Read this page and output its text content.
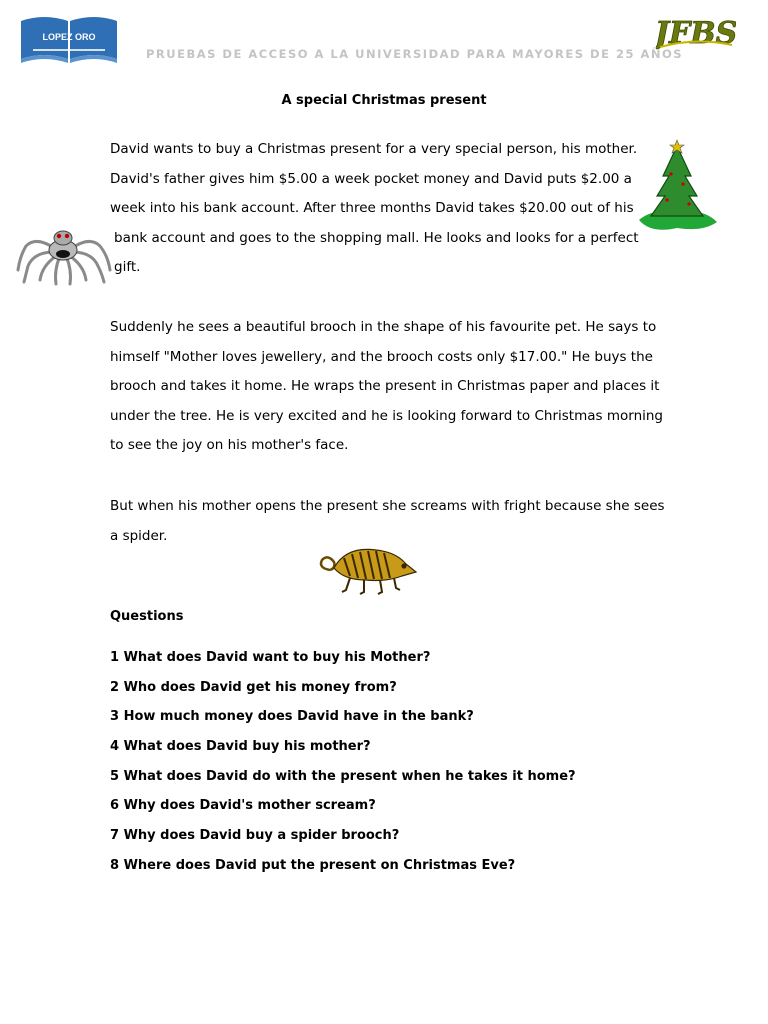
LOPEZ ORO
PRUEBAS DE ACCESO A LA UNIVERSIDAD PARA MAYORES DE 25 AÑOS
JFBS
A special Christmas present
David wants to buy a Christmas present for a very special person, his mother.
David's father gives him $5.00 a week pocket money and David puts $2.00 a
week into his bank account. After three months David takes $20.00 out of his
bank account and goes to the shopping mall. He looks and looks for a perfect
gift.
Suddenly he sees a beautiful brooch in the shape of his favourite pet. He says to
himself "Mother loves jewellery, and the brooch costs only $17.00." He buys the
brooch and takes it home. He wraps the present in Christmas paper and places it
under the tree. He is very excited and he is looking forward to Christmas morning
to see the joy on his mother's face.
But when his mother opens the present she screams with fright because she sees
a spider.
Questions
1 What does David want to buy his Mother?
2 Who does David get his money from?
3 How much money does David have in the bank?
4 What does David buy his mother?
5 What does David do with the present when he takes it home?
6 Why does David's mother scream?
7 Why does David buy a spider brooch?
8 Where does David put the present on Christmas Eve?
